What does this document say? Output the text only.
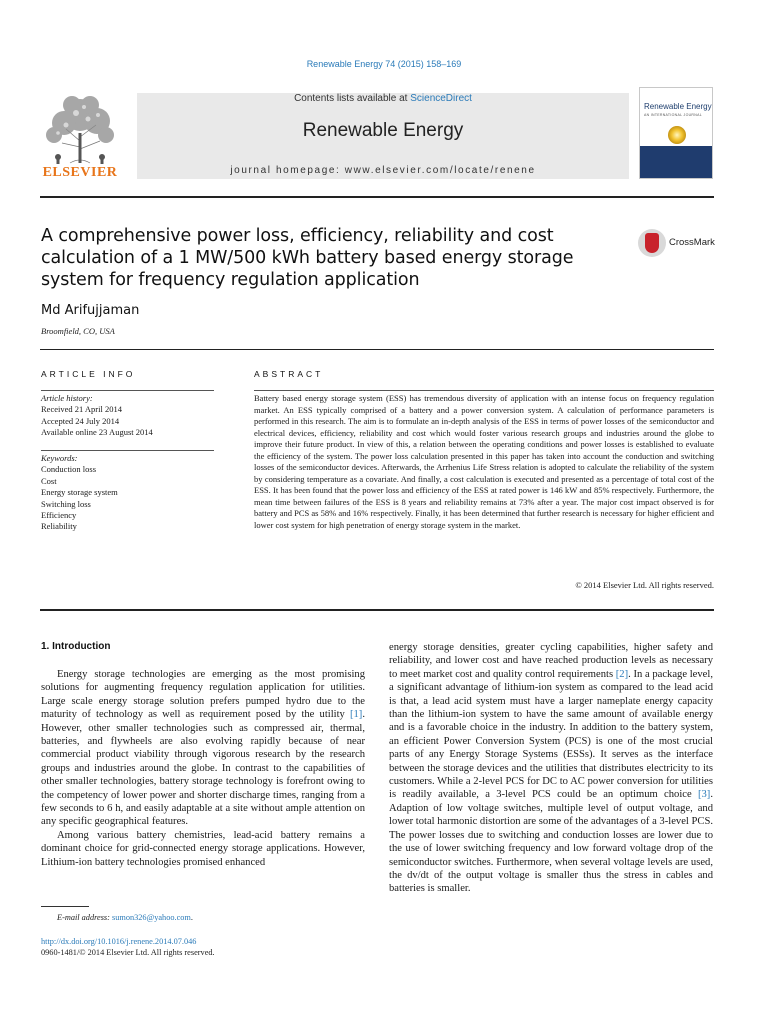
Renewable Energy 74 (2015) 158–169
ELSEVIER
Contents lists available at ScienceDirect
Renewable Energy
journal homepage: www.elsevier.com/locate/renene
Renewable Energy
AN INTERNATIONAL JOURNAL
A comprehensive power loss, efficiency, reliability and cost calculation of a 1 MW/500 kWh battery based energy storage system for frequency regulation application
CrossMark
Md Arifujjaman
Broomfield, CO, USA
ARTICLE INFO
Article history:
Received 21 April 2014
Accepted 24 July 2014
Available online 23 August 2014
Keywords:
Conduction loss
Cost
Energy storage system
Switching loss
Efficiency
Reliability
ABSTRACT
Battery based energy storage system (ESS) has tremendous diversity of application with an intense focus on frequency regulation market. An ESS typically comprised of a battery and a power conversion system. A calculation of performance parameters is performed in this research. The aim is to formulate an in-depth analysis of the ESS in terms of power losses of the semiconductor and electrical devices, efficiency, reliability and cost which would foster various research groups and industries around the globe to improve their future product. In view of this, a relation between the operating conditions and power losses is established to evaluate the efficiency of the system. The power loss calculation presented in this paper has taken into account the conduction and switching losses of the semiconductor devices. Afterwards, the Arrhenius Life Stress relation is adopted to calculate the reliability of the system by considering temperature as a covariate. And finally, a cost calculation is executed and presented as a percentage of total cost of the ESS. It has been found that the power loss and efficiency of the ESS at rated power is 146 kW and 85% respectively. Furthermore, the mean time between failures of the ESS is 8 years and reliability remains at 73% after a year. The major cost impact observed is for battery and PCS as 58% and 16% respectively. Finally, it has been determined that further research is necessary for higher efficient and lower cost system for high penetration of energy storage system in the market.
© 2014 Elsevier Ltd. All rights reserved.
1. Introduction

Energy storage technologies are emerging as the most promising solutions for augmenting frequency regulation application for utilities. Large scale energy storage solution prefers pumped hydro due to the maturity of technology as well as requirement posed by the utility [1]. However, other smaller technologies such as compressed air, thermal, batteries, and flywheels are also evolving rapidly because of near commercial product viability through vigorous research by the research groups and industries around the globe. In contrast to the capabilities of other smaller technologies, battery storage technology is forefront owing to the competency of lower power and shorter discharge times, ranging from a few seconds to 6 h, and easily adaptable at a site without ample attention on any specific geographical features.

Among various battery chemistries, lead-acid battery remains a dominant choice for grid-connected energy storage applications. However, Lithium-ion battery technologies promised enhanced

energy storage densities, greater cycling capabilities, higher safety and reliability, and lower cost and have reached production levels as necessary to meet market cost and quality control requirements [2]. In a package level, a significant advantage of lithium-ion system as compared to the lead acid is that, a lead acid system must have a larger nameplate energy capacity than the lithium-ion system to have the same amount of available energy and is a favorable choice in the industry. In addition to the battery system, an efficient Power Conversion System (PCS) is one of the most crucial parts of any Energy Storage Systems (ESSs). It serves as the interface between the storage devices and the utilities that distributes electricity to its customers. While a 2-level PCS for DC to AC power conversion for utilities is readily available, a 3-level PCS could be an optimum choice [3]. Adaption of low voltage switches, multiple level of output voltage, and lower total harmonic distortion are some of the advantages of a 3-level PCS. The power losses due to switching and conduction losses are lower due to the use of lower switching frequency and low forward voltage drop of the semiconductor switches. Furthermore, when several voltage levels are used, the dv/dt of the output voltage is smaller thus the stress in cables and batteries is smaller.

E-mail address: sumon326@yahoo.com.
http://dx.doi.org/10.1016/j.renene.2014.07.046
0960-1481/© 2014 Elsevier Ltd. All rights reserved.
